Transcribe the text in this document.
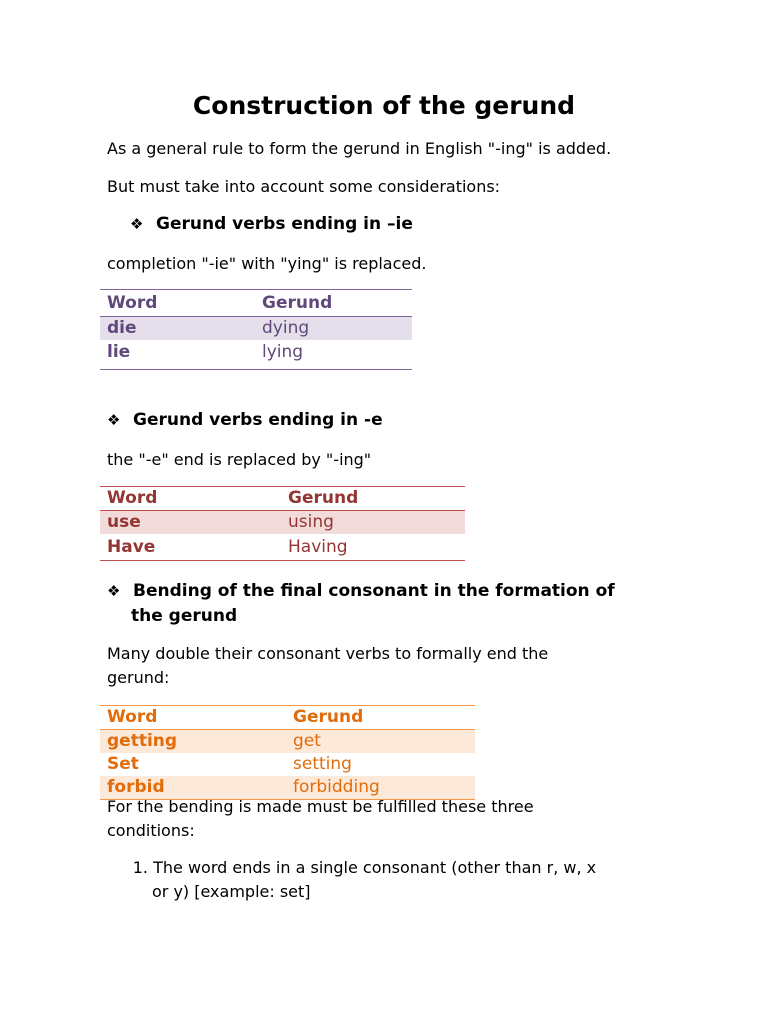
Construction of the gerund
As a general rule to form the gerund in English "-ing" is added.
But must take into account some considerations:
❖ Gerund verbs ending in –ie
completion "-ie" with "ying" is replaced.
Word	Gerund
die	dying
lie	lying
❖ Gerund verbs ending in -e
the "-e" end is replaced by "-ing"
Word	Gerund
use	using
Have	Having
❖ Bending of the final consonant in the formation of
the gerund
Many double their consonant verbs to formally end the
gerund:
Word	Gerund
getting	get
Set	setting
forbid	forbidding
For the bending is made must be fulfilled these three
conditions:
1. The word ends in a single consonant (other than r, w, x
or y) [example: set]
